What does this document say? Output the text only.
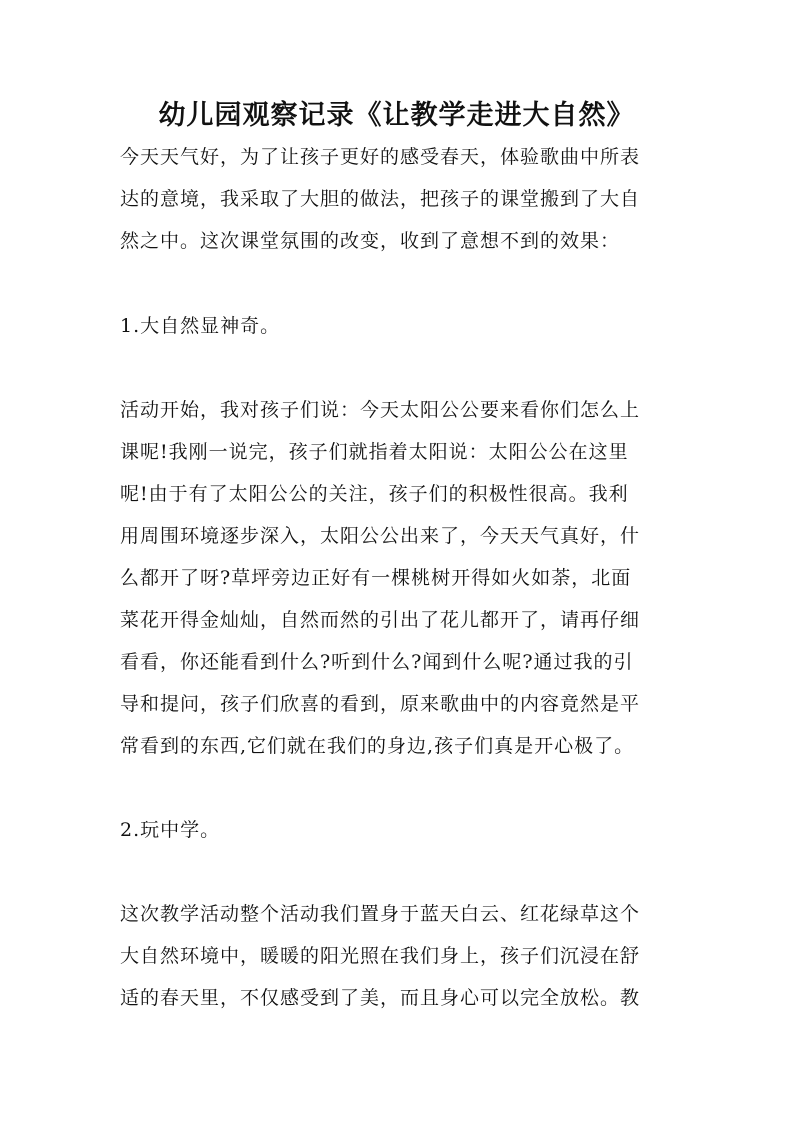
幼儿园观察记录《让教学走进大自然》
今天天气好，为了让孩子更好的感受春天，体验歌曲中所表
达的意境，我采取了大胆的做法，把孩子的课堂搬到了大自
然之中。这次课堂氛围的改变，收到了意想不到的效果：
1.大自然显神奇。
活动开始，我对孩子们说：今天太阳公公要来看你们怎么上
课呢!我刚一说完，孩子们就指着太阳说：太阳公公在这里
呢!由于有了太阳公公的关注，孩子们的积极性很高。我利
用周围环境逐步深入，太阳公公出来了，今天天气真好，什
么都开了呀?草坪旁边正好有一棵桃树开得如火如荼，北面
菜花开得金灿灿，自然而然的引出了花儿都开了，请再仔细
看看，你还能看到什么?听到什么?闻到什么呢?通过我的引
导和提问，孩子们欣喜的看到，原来歌曲中的内容竟然是平
常看到的东西,它们就在我们的身边,孩子们真是开心极了。
2.玩中学。
这次教学活动整个活动我们置身于蓝天白云、红花绿草这个
大自然环境中，暖暖的阳光照在我们身上，孩子们沉浸在舒
适的春天里，不仅感受到了美，而且身心可以完全放松。教
